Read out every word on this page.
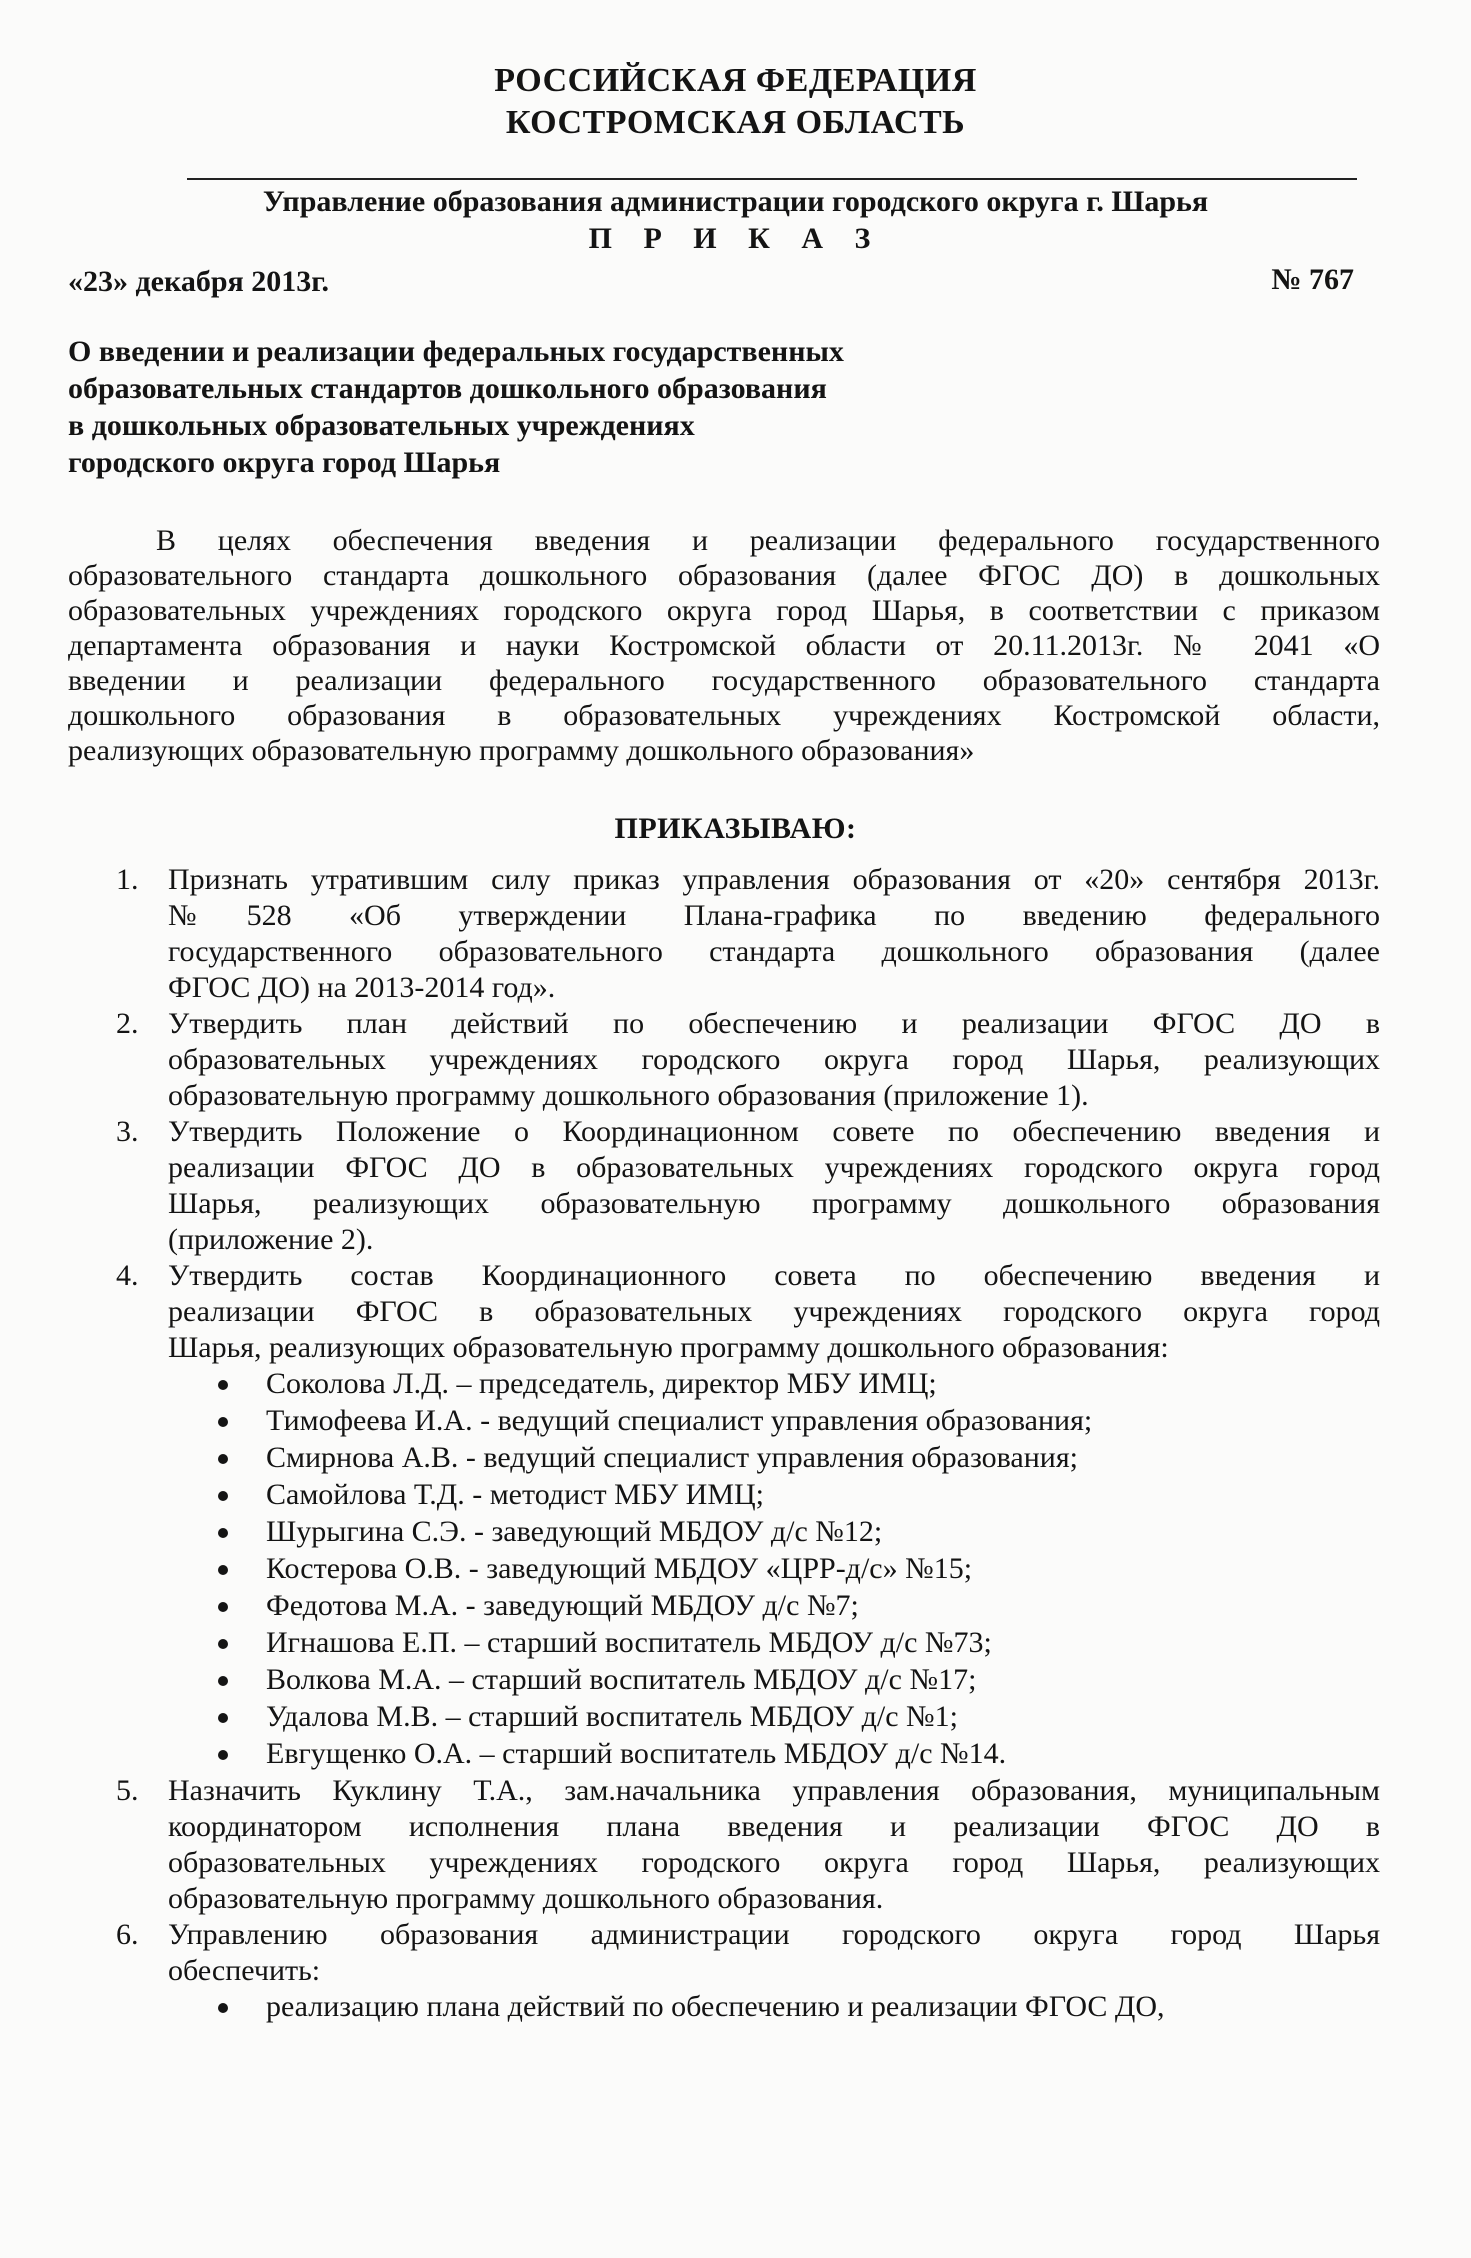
РОССИЙСКАЯ ФЕДЕРАЦИЯ
КОСТРОМСКАЯ ОБЛАСТЬ
Управление образования администрации городского округа г. Шарья
П Р И К А З
«23» декабря 2013г.	№ 767
О введении и реализации федеральных государственных
образовательных стандартов дошкольного образования
в дошкольных образовательных учреждениях
городского округа город Шарья
В целях обеспечения введения и реализации федерального государственного
образовательного стандарта дошкольного образования (далее ФГОС ДО) в дошкольных
образовательных учреждениях городского округа город Шарья, в соответствии с приказом
департамента образования и науки Костромской области от 20.11.2013г. № 2041 «О
введении и реализации федерального государственного образовательного стандарта
дошкольного образования в образовательных учреждениях Костромской области,
реализующих образовательную программу дошкольного образования»
ПРИКАЗЫВАЮ:
1. Признать утратившим силу приказ управления образования от «20» сентября 2013г.
№528 «Об утверждении Плана-графика по введению федерального
государственного образовательного стандарта дошкольного образования (далее
ФГОС ДО) на 2013-2014 год».
2. Утвердить план действий по обеспечению и реализации ФГОС ДО в
образовательных учреждениях городского округа город Шарья, реализующих
образовательную программу дошкольного образования (приложение 1).
3. Утвердить Положение о Координационном совете по обеспечению введения и
реализации ФГОС ДО в образовательных учреждениях городского округа город
Шарья, реализующих образовательную программу дошкольного образования
(приложение 2).
4. Утвердить состав Координационного совета по обеспечению введения и
реализации ФГОС в образовательных учреждениях городского округа город
Шарья, реализующих образовательную программу дошкольного образования:
Соколова Л.Д. – председатель, директор МБУ ИМЦ;
Тимофеева И.А. - ведущий специалист управления образования;
Смирнова А.В. - ведущий специалист управления образования;
Самойлова Т.Д. - методист МБУ ИМЦ;
Шурыгина С.Э. - заведующий МБДОУ д/с №12;
Костерова О.В. - заведующий МБДОУ «ЦРР-д/с» №15;
Федотова М.А. - заведующий МБДОУ д/с №7;
Игнашова Е.П. – старший воспитатель МБДОУ д/с №73;
Волкова М.А. – старший воспитатель МБДОУ д/с №17;
Удалова М.В. – старший воспитатель МБДОУ д/с №1;
Евгущенко О.А. – старший воспитатель МБДОУ д/с №14.
5. Назначить Куклину Т.А., зам.начальника управления образования, муниципальным
координатором исполнения плана введения и реализации ФГОС ДО в
образовательных учреждениях городского округа город Шарья, реализующих
образовательную программу дошкольного образования.
6. Управлению образования администрации городского округа город Шарья
обеспечить:
реализацию плана действий по обеспечению и реализации ФГОС ДО,
